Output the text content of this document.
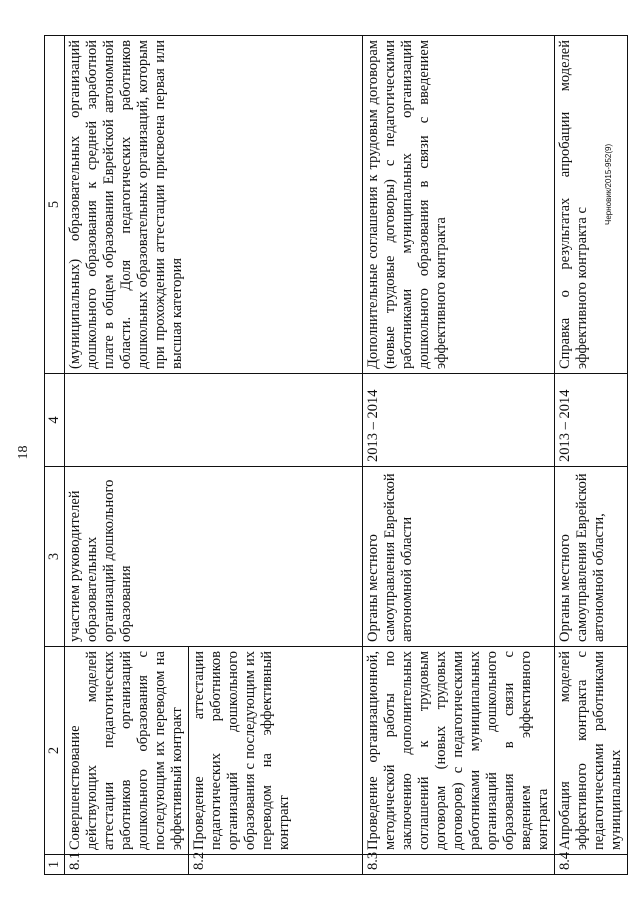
18
1	2	3	4	5
8.1	Совершенствование действующих моделей аттестации педагогических работников организаций дошкольного образования с последующим их переводом на эффективный контракт	участием руководителей образовательных организаций дошкольного образования		(муниципальных) образовательных организаций дошкольного образования к средней заработной плате в общем образовании Еврейской автономной области. Доля педагогических работников дошкольных образовательных организаций, которым при прохождении аттестации присвоена первая или высшая категория
8.2	Проведение аттестации педагогических работников организаций дошкольного образования с последующим их переводом на эффективный контракт			
8.3	Проведение организационной, методической работы по заключению дополнительных соглашений к трудовым договорам (новых трудовых договоров) с педагогическими работниками муниципальных организаций дошкольного образования в связи с введением эффективного контракта	Органы местного самоуправления Еврейской автономной области	2013 – 2014	Дополнительные соглашения к трудовым договорам (новые трудовые договоры) с педагогическими работниками муниципальных организаций дошкольного образования в связи с введением эффективного контракта
8.4	Апробация моделей эффективного контракта с педагогическими работниками муниципальных	Органы местного самоуправления Еврейской автономной области,	2013 – 2014	Справка о результатах апробации моделей эффективного контракта с
Черновик/2015-952(9)
